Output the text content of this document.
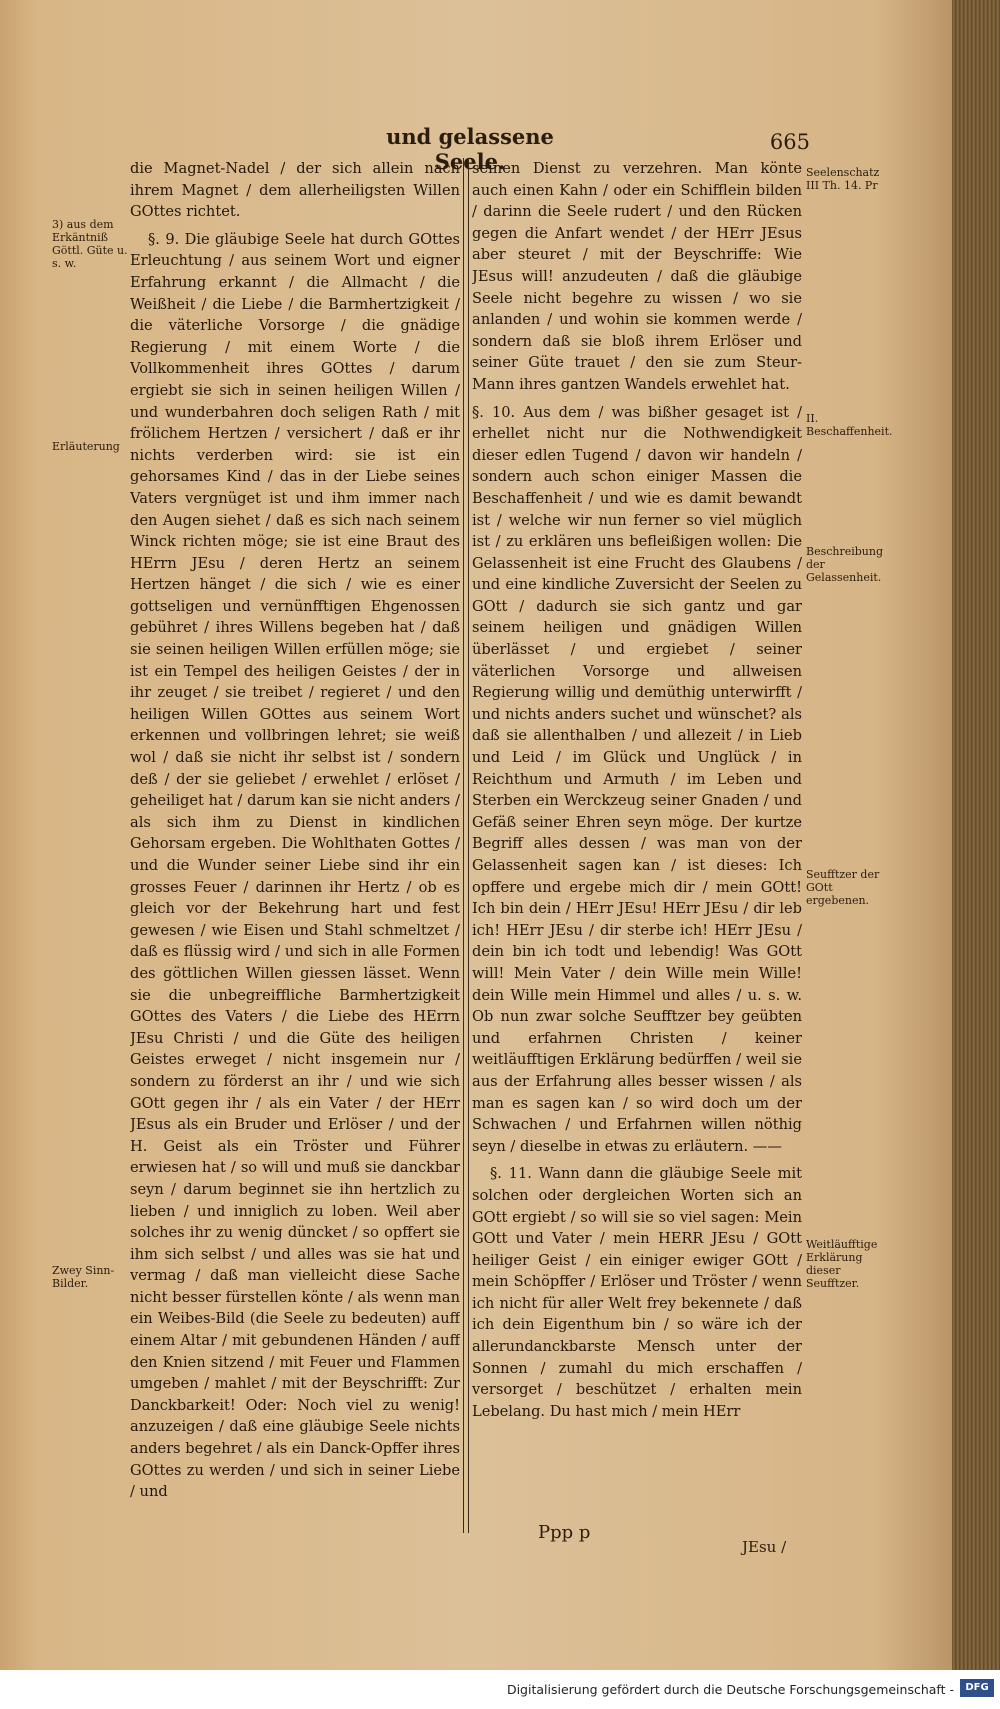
und gelassene Seele.
665

die Magnet-Nadel / der sich allein nach ihrem Magnet / dem allerheiligsten Willen GOttes richtet.

§. 9. Die gläubige Seele hat durch GOttes Erleuchtung / aus seinem Wort und eigner Erfahrung erkannt / die Allmacht / die Weißheit / die Liebe / die Barmhertzigkeit / die väterliche Vorsorge / die gnädige Regierung / mit einem Worte / die Vollkommenheit ihres GOttes / darum ergiebt sie sich in seinen heiligen Willen / und wunderbahren doch seligen Rath / mit frölichem Hertzen / versichert / daß er ihr nichts verderben wird: sie ist ein gehorsames Kind / das in der Liebe seines Vaters vergnüget ist und ihm immer nach den Augen siehet / daß es sich nach seinem Winck richten möge; sie ist eine Braut des HErrn JEsu / deren Hertz an seinem Hertzen hänget / die sich / wie es einer gottseligen und vernünfftigen Ehgenossen gebühret / ihres Willens begeben hat / daß sie seinen heiligen Willen erfüllen möge; sie ist ein Tempel des heiligen Geistes / der in ihr zeuget / sie treibet / regieret / und den heiligen Willen GOttes aus seinem Wort erkennen und vollbringen lehret; sie weiß wol / daß sie nicht ihr selbst ist / sondern deß / der sie geliebet / erwehlet / erlöset / geheiliget hat / darum kan sie nicht anders / als sich ihm zu Dienst in kindlichen Gehorsam ergeben. Die Wohlthaten Gottes / und die Wunder seiner Liebe sind ihr ein grosses Feuer / darinnen ihr Hertz / ob es gleich vor der Bekehrung hart und fest gewesen / wie Eisen und Stahl schmeltzet / daß es flüssig wird / und sich in alle Formen des göttlichen Willen giessen lässet. Wenn sie die unbegreiffliche Barmhertzigkeit GOttes des Vaters / die Liebe des HErrn JEsu Christi / und die Güte des heiligen Geistes erweget / nicht insgemein nur / sondern zu förderst an ihr / und wie sich GOtt gegen ihr / als ein Vater / der HErr JEsus als ein Bruder und Erlöser / und der H. Geist als ein Tröster und Führer erwiesen hat / so will und muß sie danckbar seyn / darum beginnet sie ihn hertzlich zu lieben / und inniglich zu loben. Weil aber solches ihr zu wenig düncket / so opffert sie ihm sich selbst / und alles was sie hat und vermag / daß man vielleicht diese Sache nicht besser fürstellen könte / als wenn man ein Weibes-Bild (die Seele zu bedeuten) auff einem Altar / mit gebundenen Händen / auff den Knien sitzend / mit Feuer und Flammen umgeben / mahlet / mit der Beyschrifft: Zur Danckbarkeit! Oder: Noch viel zu wenig! anzuzeigen / daß eine gläubige Seele nichts anders begehret / als ein Danck-Opffer ihres GOttes zu werden / und sich in seiner Liebe / und

seinen Dienst zu verzehren. Man könte auch einen Kahn / oder ein Schifflein bilden / darinn die Seele rudert / und den Rücken gegen die Anfart wendet / der HErr JEsus aber steuret / mit der Beyschriffe: Wie JEsus will! anzudeuten / daß die gläubige Seele nicht begehre zu wissen / wo sie anlanden / und wohin sie kommen werde / sondern daß sie bloß ihrem Erlöser und seiner Güte trauet / den sie zum Steur-Mann ihres gantzen Wandels erwehlet hat.

§. 10. Aus dem / was bißher gesaget ist / erhellet nicht nur die Nothwendigkeit dieser edlen Tugend / davon wir handeln / sondern auch schon einiger Massen die Beschaffenheit / und wie es damit bewandt ist / welche wir nun ferner so viel müglich ist / zu erklären uns befleißigen wollen: Die Gelassenheit ist eine Frucht des Glaubens / und eine kindliche Zuversicht der Seelen zu GOtt / dadurch sie sich gantz und gar seinem heiligen und gnädigen Willen überlässet / und ergiebet / seiner väterlichen Vorsorge und allweisen Regierung willig und demüthig unterwirfft / und nichts anders suchet und wünschet? als daß sie allenthalben / und allezeit / in Lieb und Leid / im Glück und Unglück / in Reichthum und Armuth / im Leben und Sterben ein Werckzeug seiner Gnaden / und Gefäß seiner Ehren seyn möge. Der kurtze Begriff alles dessen / was man von der Gelassenheit sagen kan / ist dieses: Ich opffere und ergebe mich dir / mein GOtt! Ich bin dein / HErr JEsu! HErr JEsu / dir leb ich! HErr JEsu / dir sterbe ich! HErr JEsu / dein bin ich todt und lebendig! Was GOtt will! Mein Vater / dein Wille mein Wille! dein Wille mein Himmel und alles / u. s. w. Ob nun zwar solche Seufftzer bey geübten und erfahrnen Christen / keiner weitläufftigen Erklärung bedürffen / weil sie aus der Erfahrung alles besser wissen / als man es sagen kan / so wird doch um der Schwachen / und Erfahrnen willen nöthig seyn / dieselbe in etwas zu erläutern. ——

§. 11. Wann dann die gläubige Seele mit solchen oder dergleichen Worten sich an GOtt ergiebt / so will sie so viel sagen: Mein GOtt und Vater / mein HERR JEsu / GOtt heiliger Geist / ein einiger ewiger GOtt / mein Schöpffer / Erlöser und Tröster / wenn ich nicht für aller Welt frey bekennete / daß ich dein Eigenthum bin / so wäre ich der allerundanckbarste Mensch unter der Sonnen / zumahl du mich erschaffen / versorget / beschützet / erhalten mein Lebelang. Du hast mich / mein HErr

3) aus dem Erkäntniß Göttl. Güte u. s. w.
Erläuterung
Zwey Sinn-Bilder.
Seelenschatz III Th. 14. Pr
II. Beschaffenheit.
Beschreibung der Gelassenheit.
Seufftzer der GOtt ergebenen.
Weitläufftige Erklärung dieser Seufftzer.
Ppp p
JEsu /
Digitalisierung gefördert durch die Deutsche Forschungsgemeinschaft -	DFG
